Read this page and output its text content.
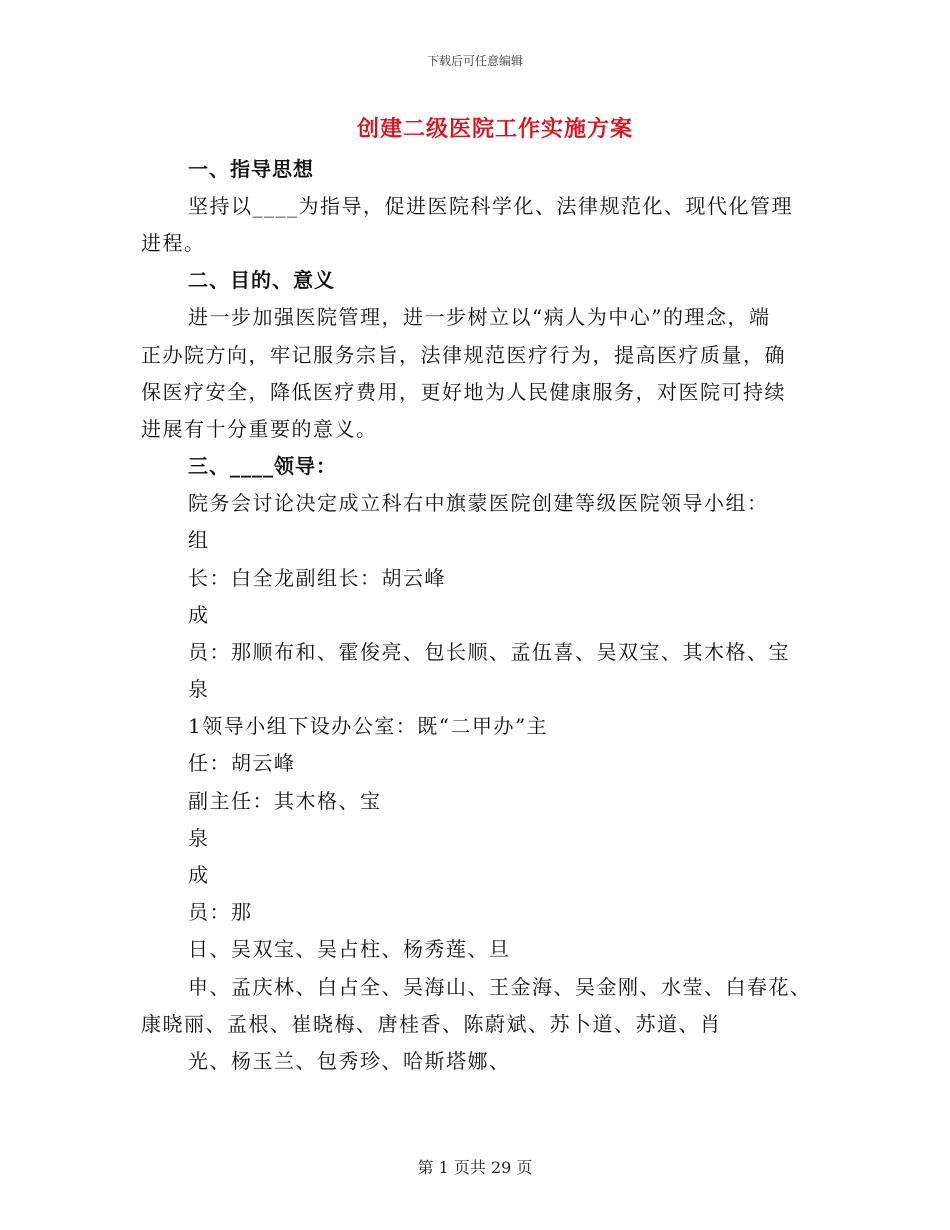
下载后可任意编辑
创建二级医院工作实施方案
一、指导思想
坚持以____为指导，促进医院科学化、法律规范化、现代化管理
进程。
二、目的、意义
进一步加强医院管理，进一步树立以“病人为中心”的理念，端
正办院方向，牢记服务宗旨，法律规范医疗行为，提高医疗质量，确
保医疗安全，降低医疗费用，更好地为人民健康服务，对医院可持续
进展有十分重要的意义。
三、____领导：
院务会讨论决定成立科右中旗蒙医院创建等级医院领导小组：
组
长：白全龙副组长：胡云峰
成
员：那顺布和、霍俊亮、包长顺、孟伍喜、吴双宝、其木格、宝
泉
1领导小组下设办公室：既“二甲办”主
任：胡云峰
副主任：其木格、宝
泉
成
员：那
日、吴双宝、吴占柱、杨秀莲、旦
申、孟庆林、白占全、吴海山、王金海、吴金刚、水莹、白春花、
康晓丽、孟根、崔晓梅、唐桂香、陈蔚斌、苏卜道、苏道、肖
光、杨玉兰、包秀珍、哈斯塔娜、
第 1 页共 29 页
